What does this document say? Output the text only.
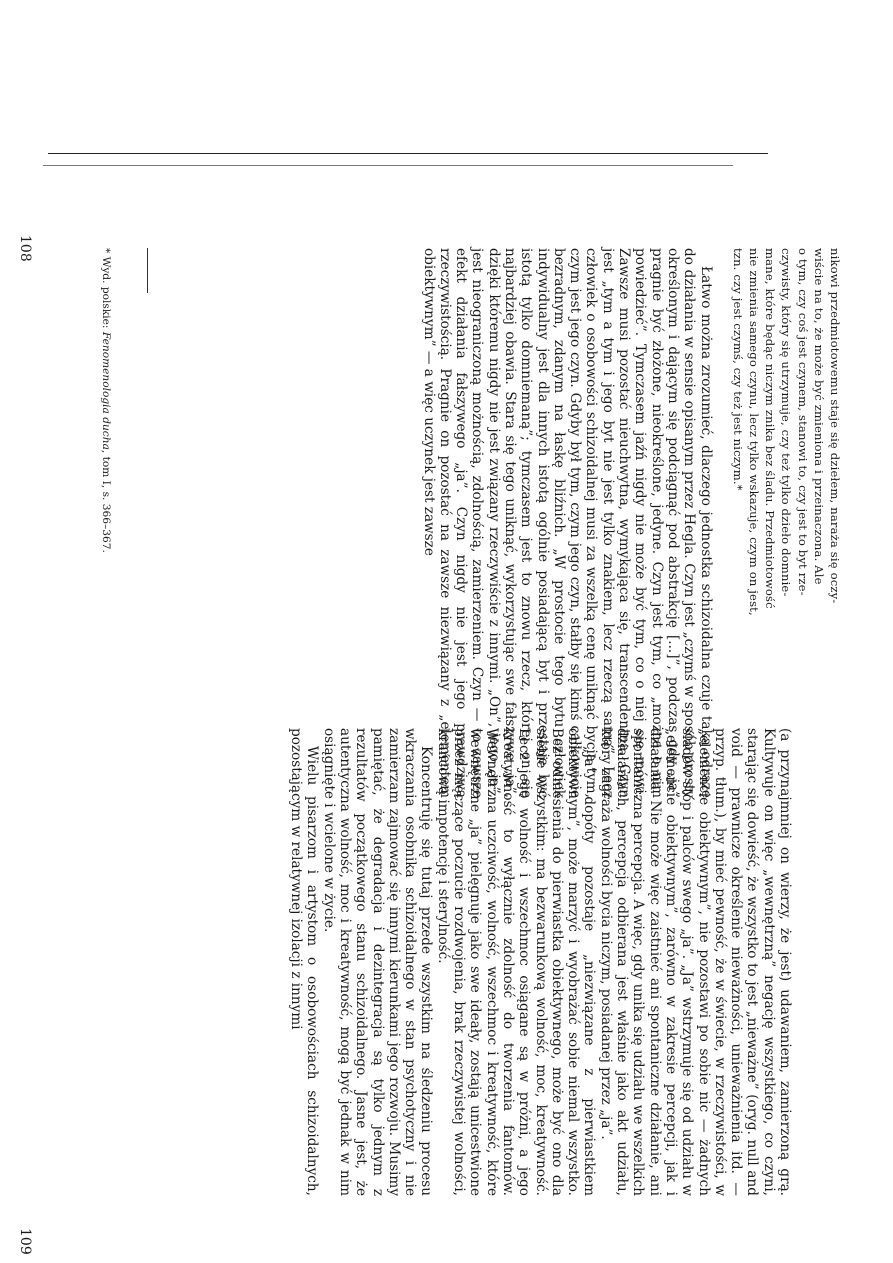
nikowi przedmiotowemu staje się dziełem, naraża się oczy-
wiście na to, że może być zmieniona i przeinaczona. Ale
o tym, czy coś jest czynem, stanowi to, czy jest to byt rze-
czywisty, który się utrzymuje, czy też tylko dzieło domnie-
mane, które będąc niczym znika bez śladu. Przedmiotowość
nie zmienia samego czynu, lecz tylko wskazuje, czym on jest,
tzn. czy jest czymś, czy też jest niczym.*

Łatwo można zrozumieć, dlaczego jednostka schizoidalna czuje taką odrazę do działania w sensie opisanym przez Hegla. Czyn jest „czymś w sposób prosty określonym i dającym się podciągnąć pod abstrakcję [...]”, podczas gdy „ja” pragnie być złożone, nieokreślone, jedyne. Czyn jest tym, co „można o nim powiedzieć”. Tymczasem jaźń nigdy nie może być tym, co o niej się mówi. Zawsze musi pozostać nieuchwytna, wymykająca się, transcendentna. Czyn jest „tym a tym i jego byt nie jest tylko znakiem, lecz rzeczą samą”. Lecz człowiek o osobowości schizoidalnej musi za wszelką cenę uniknąć bycia tym, czym jest jego czyn. Gdyby był tym, czym jego czyn, stałby się kimś całkowicie bezradnym, zdanym na łaskę bliźnich. „W prostocie tego bytu człowiek indywidualny jest dla innych istotą ogólnie posiadającą byt i przestaje być istotą tylko domniemaną”; tymczasem jest to znowu rzecz, której on się najbardziej obawia. Stara się tego uniknąć, wykorzystując swe fałszywe „ja”, dzięki któremu nigdy nie jest związany rzeczywiście z innymi. „On”, jego „ja”, jest nieograniczoną możnością, zdolnością, zamierzeniem. Czyn — to zawsze efekt działania fałszywego „ja”. Czyn nigdy nie jest jego prawdziwą rzeczywistością. Pragnie on pozostać na zawsze niezwiązany z „elementem obiektywnym” — a więc uczynek jest zawsze

* Wyd. polskie: Fenomenologia ducha, tom I, s. 366–367.
108

(a przynajmniej on wierzy, że jest) udawaniem, zamierzoną grą. Kultywuje on więc „wewnętrzną” negację wszystkiego, co czyni, starając się dowieść, że wszystko to jest „nieważne” (oryg. null and void — prawnicze określenie nieważności, unieważnienia itd. — przyp. tłum.), by mieć pewność, że w świecie, w rzeczywistości, w „elemencie obiektywnym”, nie pozostawi po sobie nic — żadnych śladów stóp i palców swego „ja”. „Ja” wstrzymuje się od udziału w „elemencie obiektywnym”, zarówno w zakresie percepcji, jak i działania. Nie może więc zaistnieć ani spontaniczne działanie, ani spontaniczna percepcja. A więc, gdy unika się udziału we wszelkich działaniach, percepcja odbierana jest właśnie jako akt udziału, który zagraża wolności bycia niczym, posiadanej przez „ja”.

„Ja” dopóty pozostaje „niezwiązane z pierwiastkiem obiektywnym”, może marzyć i wyobrażać sobie niemal wszystko. Bez odniesienia do pierwiastka obiektywnego, może być ono dla siebie wszystkim: ma bezwarunkową wolność, moc, kreatywność. Lecz jego wolność i wszechmoc osiągane są w próżni, a jego kreatywność to wyłącznie zdolność do tworzenia fantomów. Wewnętrzna uczciwość, wolność, wszechmoc i kreatywność, które wewnętrzne „ja” pielęgnuje jako swe ideały, zostają unicestwione przez męczące poczucie rozdwojenia, brak rzeczywistej wolności, krańcową impotencję i sterylność.

Koncentruję się tutaj przede wszystkim na śledzeniu procesu wkraczania osobnika schizoidalnego w stan psychotyczny i nie zamierzam zajmować się innymi kierunkami jego rozwoju. Musimy pamiętać, że degradacja i dezintegracja są tylko jednym z rezultatów początkowego stanu schizoidalnego. Jasne jest, że autentyczna wolność, moc i kreatywność, mogą być jednak w nim osiągnięte i wcielone w życie.

Wielu pisarzom i artystom o osobowościach schizoidalnych, pozostającym w relatywnej izolacji z innymi

109
